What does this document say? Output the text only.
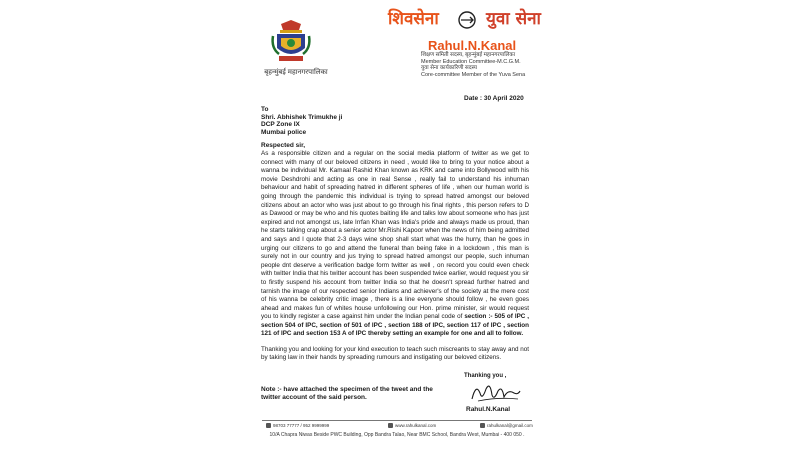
बृहन्मुंबई महानगरपालिका
शिवसेना	युवा सेना
Rahul.N.Kanal
शिक्षण समिती सदस्य, बृहन्मुंबई महानगरपालिका
Member Education Committee-M.C.G.M.
युवा सेना कार्यकारिणी सदस्य
Core-committee Member of the Yuva Sena
Date : 30 April 2020
To
Shri. Abhishek Trimukhe ji
DCP Zone IX
Mumbai police
Respected sir,
As a responsible citizen and a regular on the social media platform of twitter as we get to connect with many of our beloved citizens in need , would like to bring to your notice about a wanna be individual Mr. Kamaal Rashid Khan known as KRK and came into Bollywood with his movie Deshdrohi and acting as one in real Sense , really fail to understand his inhuman behaviour and habit of spreading hatred in different spheres of life , when our human world is going through the pandemic this individual is trying to spread hatred amongst our beloved citizens about an actor who was just about to go through his final rights , this person refers to D as Dawood or may be who and his quotes baiting life and talks low about someone who has just expired and not amongst us, late Irrfan Khan was India's pride and always made us proud, than he starts talking crap about a senior actor Mr.Rishi Kapoor when the news of him being admitted and says and I quote that 2-3 days wine shop shall start what was the hurry, than he goes in urging our citizens to go and attend the funeral than being fake in a lockdown , this man is surely not in our country and jus trying to spread hatred amongst our people, such inhuman people dnt deserve a verification badge form twitter as well , on record you could even check with twitter India that his twitter account has been suspended twice earlier, would request you sir to firstly suspend his account from twitter India so that he doesn't spread further hatred and tarnish the image of our respected senior Indians and achiever's of the society at the mere cost of his wanna be celebrity critic image , there is a line everyone should follow , he even goes ahead and makes fun of whites house unfollowing our Hon. prime minister, sir would request you to kindly register a case against him under the Indian penal code of section :- 505 of IPC , section 504 of IPC, section of 501 of IPC , section 188 of IPC, section 117 of IPC , section 121 of IPC and section 153 A of IPC thereby setting an example for one and all to follow.
Thanking you and looking for your kind execution to teach such miscreants to stay away and not by taking law in their hands by spreading rumours and instigating our beloved citizens.
Note :- have attached the specimen of the tweet and the twitter account of the said person.
Thanking you ,
Rahul.N.Kanal
98703 77777 / 952 9999999	www.rahulkanal.com	rahulkanal@gmail.com
10/A Chapra Niwas Beside PWC Building, Opp Bandra Talao, Near BMC School, Bandra West, Mumbai - 400 050 .
